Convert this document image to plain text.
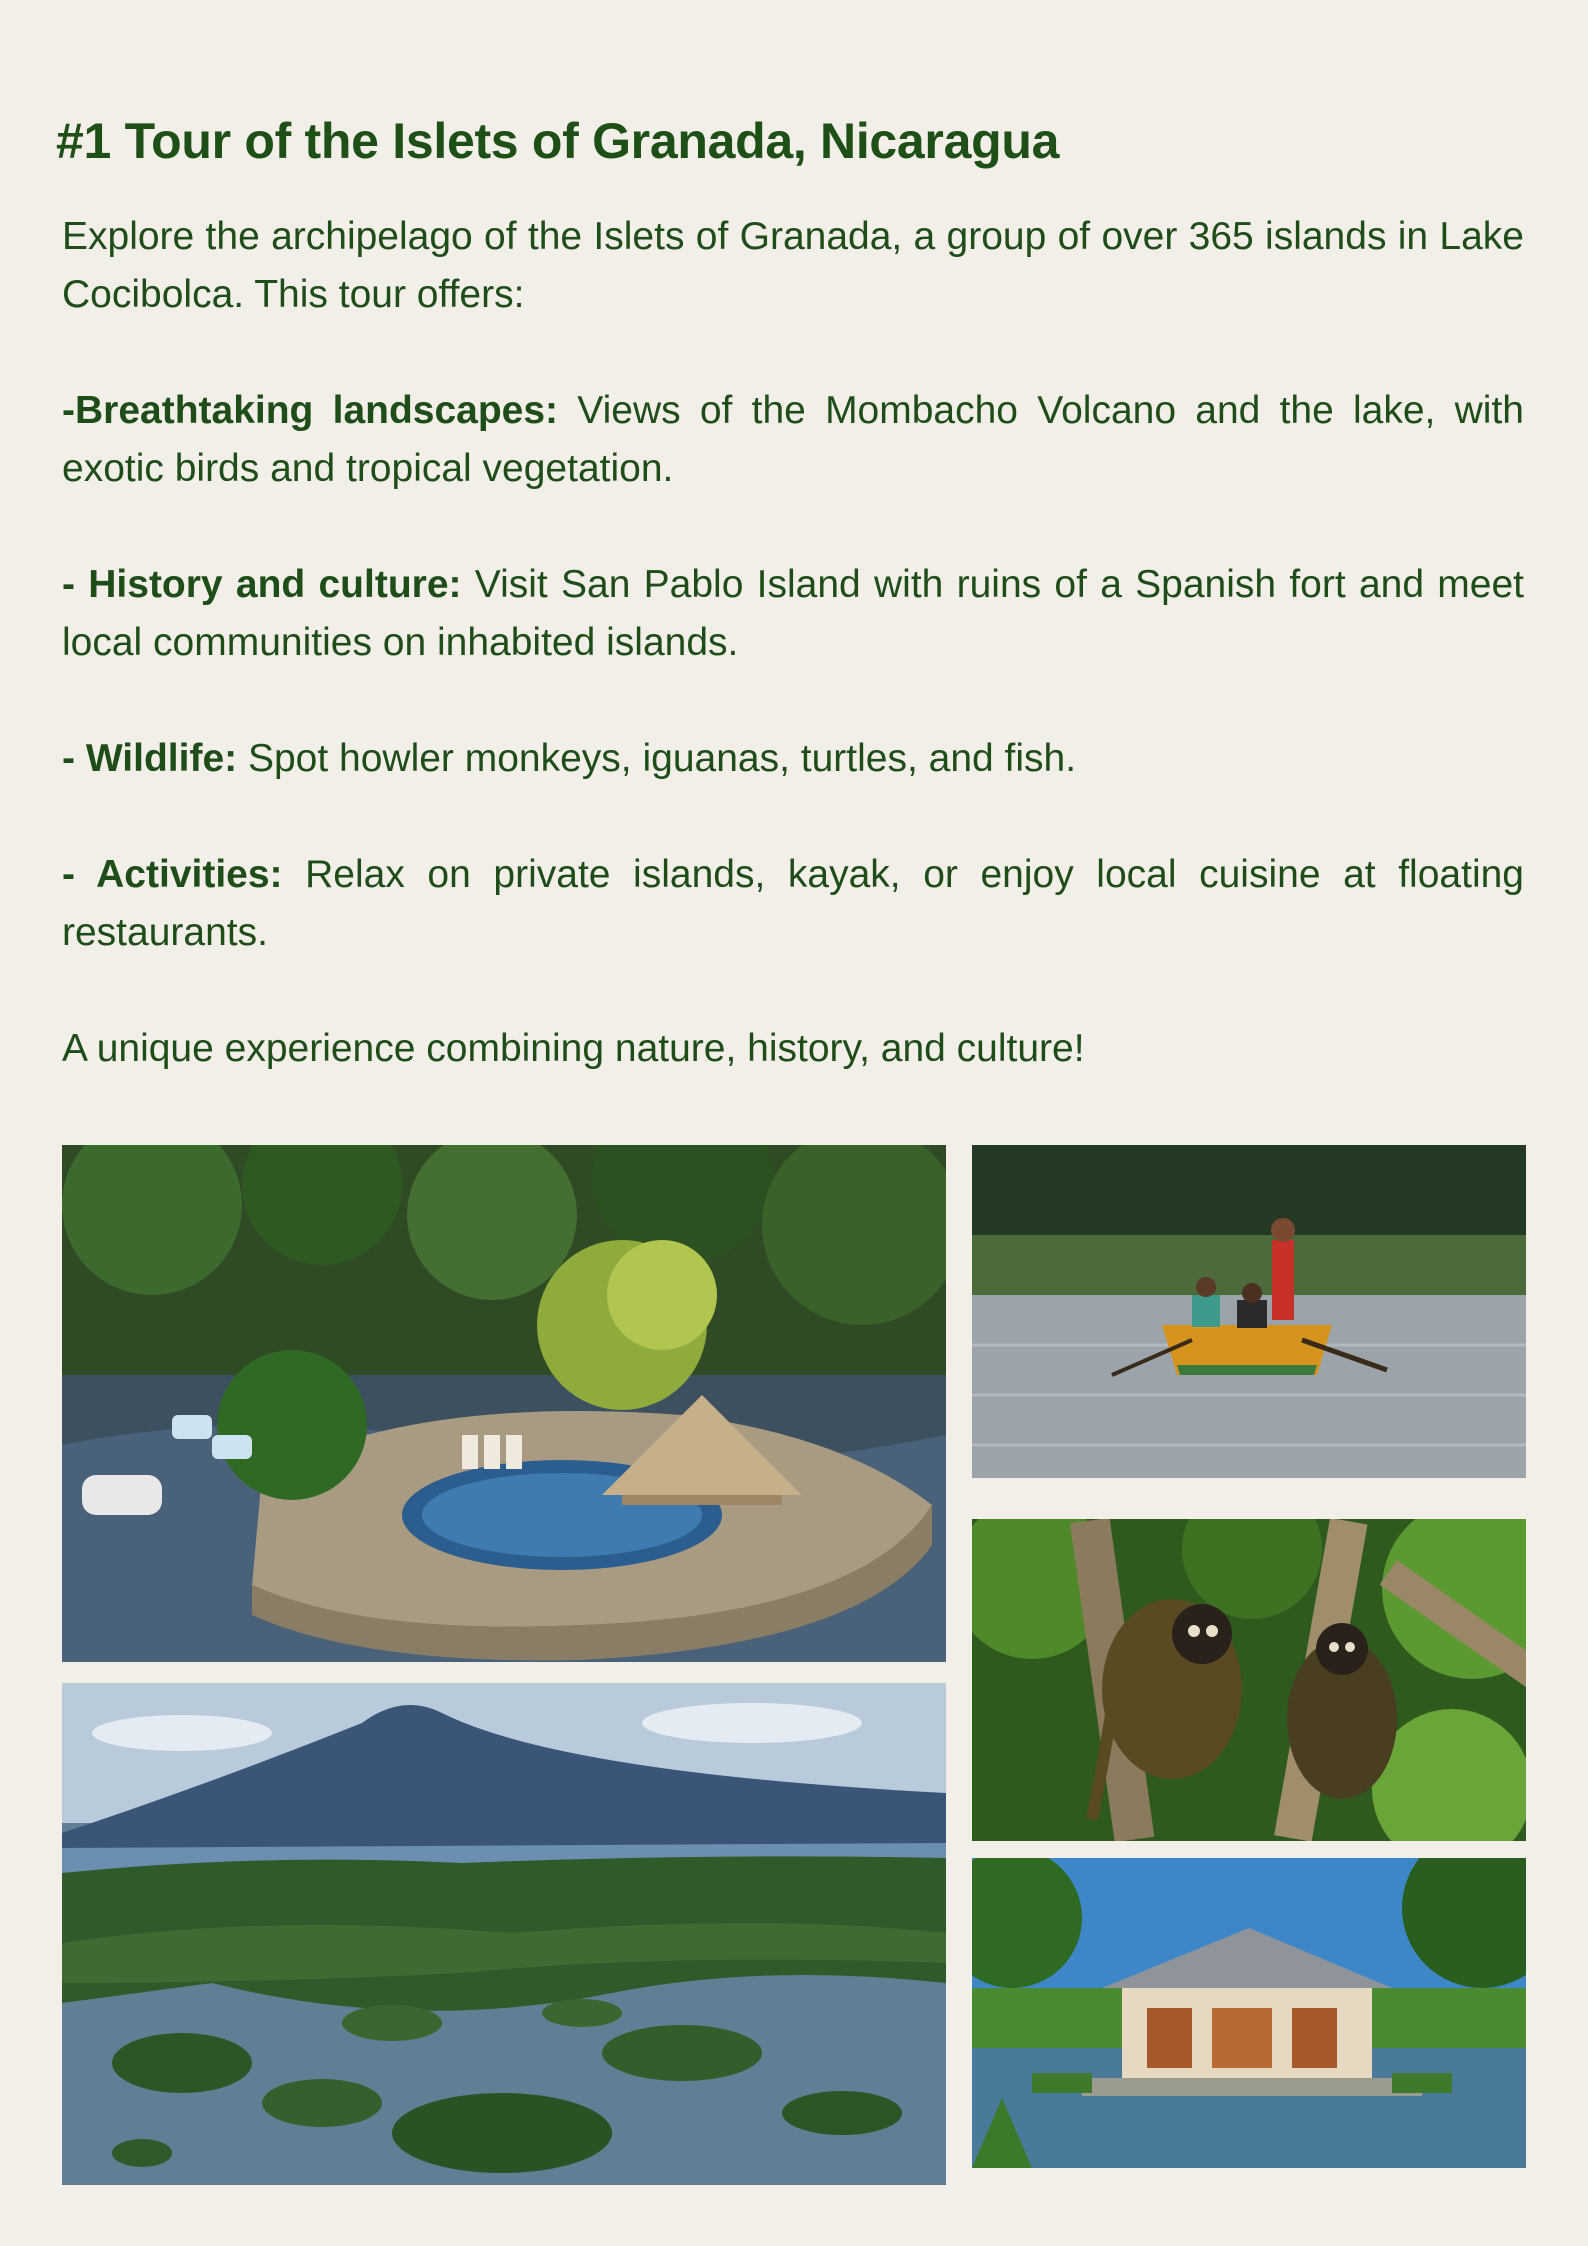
#1 Tour of the Islets of Granada, Nicaragua

Explore the archipelago of the Islets of Granada, a group of over 365 islands in Lake Cocibolca. This tour offers:

-Breathtaking landscapes: Views of the Mombacho Volcano and the lake, with exotic birds and tropical vegetation.

- History and culture: Visit San Pablo Island with ruins of a Spanish fort and meet local communities on inhabited islands.

- Wildlife: Spot howler monkeys, iguanas, turtles, and fish.

- Activities: Relax on private islands, kayak, or enjoy local cuisine at floating restaurants.

A unique experience combining nature, history, and culture!
